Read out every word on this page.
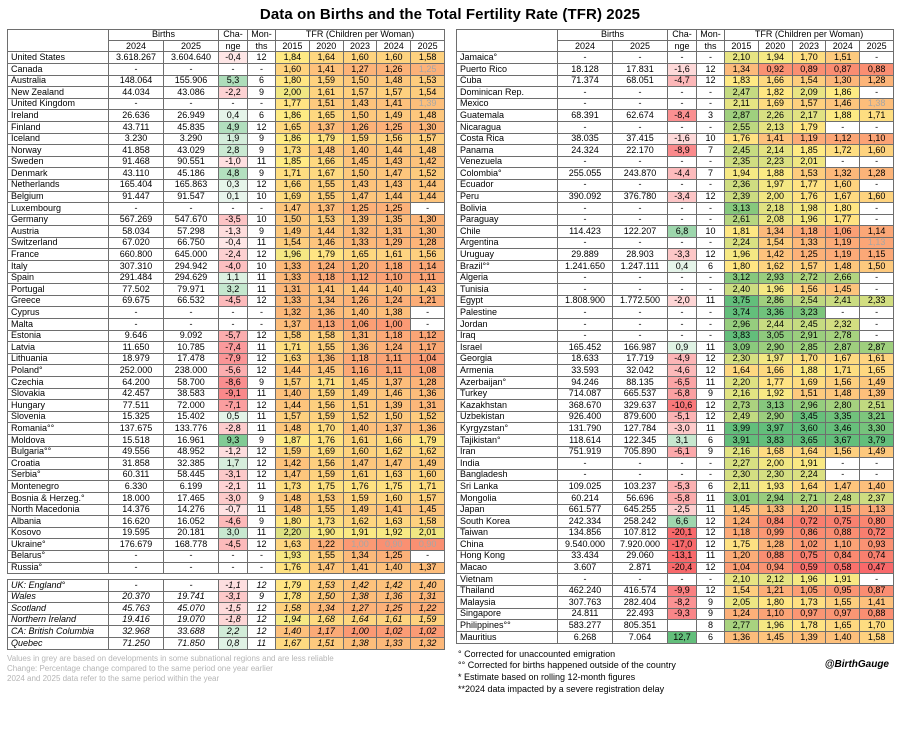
Data on Births and the Total Fertility Rate (TFR) 2025
	Births		Cha-	Mon-	TFR (Children per Woman)				
	2024	2025	nge	ths	2015	2020	2023	2024	2025
United States	3.618.267	3.604.640	-0,4	12	1,84	1,64	1,60	1,60	1,58
Canada	-	-	-	-	1,60	1,41	1,27	1,26	1,25
Australia	148.064	155.906	5,3	6	1,80	1,59	1,50	1,48	1,53
New Zealand	44.034	43.086	-2,2	9	2,00	1,61	1,57	1,57	1,54
United Kingdom	-	-	-	-	1,77	1,51	1,43	1,41	1,39
Ireland	26.636	26.949	0,4	6	1,86	1,65	1,50	1,49	1,48
Finland	43.711	45.835	4,9	12	1,65	1,37	1,26	1,25	1,30
Iceland	3.230	3.290	1,9	9	1,86	1,79	1,59	1,56	1,57
Norway	41.858	43.029	2,8	9	1,73	1,48	1,40	1,44	1,48
Sweden	91.468	90.551	-1,0	11	1,85	1,66	1,45	1,43	1,42
Denmark	43.110	45.186	4,8	9	1,71	1,67	1,50	1,47	1,52
Netherlands	165.404	165.863	0,3	12	1,66	1,55	1,43	1,43	1,44
Belgium	91.447	91.547	0,1	10	1,69	1,55	1,47	1,44	1,44
Luxembourg	-	-	-	-	1,47	1,37	1,25	1,25	-
Germany	567.269	547.670	-3,5	10	1,50	1,53	1,39	1,35	1,30
Austria	58.034	57.298	-1,3	9	1,49	1,44	1,32	1,31	1,30
Switzerland	67.020	66.750	-0,4	11	1,54	1,46	1,33	1,29	1,28
France	660.800	645.000	-2,4	12	1,96	1,79	1,65	1,61	1,56
Italy	307.310	294.942	-4,0	10	1,33	1,24	1,20	1,18	1,14
Spain	291.484	294.629	1,1	11	1,33	1,18	1,12	1,10	1,11
Portugal	77.502	79.971	3,2	11	1,31	1,41	1,44	1,40	1,43
Greece	69.675	66.532	-4,5	12	1,33	1,34	1,26	1,24	1,21
Cyprus	-	-	-	-	1,32	1,36	1,40	1,38	-
Malta	-	-	-	-	1,37	1,13	1,06	1,00	-
Estonia	9.646	9.092	-5,7	12	1,58	1,58	1,31	1,18	1,12
Latvia	11.650	10.785	-7,4	11	1,71	1,55	1,36	1,24	1,17
Lithuania	18.979	17.478	-7,9	12	1,63	1,36	1,18	1,11	1,04
Poland°	252.000	238.000	-5,6	12	1,44	1,45	1,16	1,11	1,08
Czechia	64.200	58.700	-8,6	9	1,57	1,71	1,45	1,37	1,28
Slovakia	42.457	38.583	-9,1	11	1,40	1,59	1,49	1,46	1,36
Hungary	77.511	72.000	-7,1	12	1,44	1,56	1,51	1,39	1,31
Slovenia	15.325	15.402	0,5	11	1,57	1,59	1,52	1,50	1,52
Romania°°	137.675	133.776	-2,8	11	1,48	1,70	1,40	1,37	1,36
Moldova	15.518	16.961	9,3	9	1,87	1,76	1,61	1,66	1,79
Bulgaria°°	49.556	48.952	-1,2	12	1,59	1,69	1,60	1,62	1,62
Croatia	31.858	32.385	1,7	12	1,42	1,56	1,47	1,47	1,49
Serbia°	60.311	58.445	-3,1	12	1,47	1,59	1,61	1,63	1,60
Montenegro	6.330	6.199	-2,1	11	1,73	1,75	1,76	1,75	1,71
Bosnia & Herzeg.°	18.000	17.465	-3,0	9	1,48	1,53	1,59	1,60	1,57
North Macedonia	14.376	14.276	-0,7	11	1,48	1,55	1,49	1,41	1,45
Albania	16.620	16.052	-4,6	9	1,80	1,73	1,62	1,63	1,58
Kosovo	19.595	20.181	3,0	11	2,20	1,90	1,91	1,92	2,01
Ukraine°	176.679	168.778	-4,5	12	1,63	1,22	1,00	0,90	0,90
Belarus°	-	-	-	-	1,93	1,55	1,34	1,25	-
Russia°	-	-	-	-	1,76	1,47	1,41	1,40	1,37
UK: England°	-	-	-1,1	12	1,79	1,53	1,42	1,42	1,40
Wales	20.370	19.741	-3,1	9	1,78	1,50	1,38	1,36	1,31
Scotland	45.763	45.070	-1,5	12	1,58	1,34	1,27	1,25	1,22
Northern Ireland	19.416	19.070	-1,8	12	1,94	1,68	1,64	1,61	1,59
CA: British Columbia	32.968	33.688	2,2	12	1,40	1,17	1,00	1,02	1,02
Quebec	71.250	71.850	0,8	11	1,67	1,51	1,38	1,33	1,32
Values in grey are based on developments in some subnational regions and are less reliable
Change: Percentage change compared to the same period one year earlier
2024 and 2025 data refer to the same period within the year
	Births		Cha-	Mon-	TFR (Children per Woman)				
	2024	2025	nge	ths	2015	2020	2023	2024	2025
Jamaica°	-	-	-	-	2,10	1,94	1,70	1,51	-
Puerto Rico	18.128	17.831	-1,6	12	1,34	0,92	0,89	0,87	0,88
Cuba	71.374	68.051	-4,7	12	1,83	1,66	1,54	1,30	1,28
Dominican Rep.	-	-	-	-	2,47	1,82	2,09	1,86	-
Mexico	-	-	-	-	2,11	1,69	1,57	1,46	1,38
Guatemala	68.391	62.674	-8,4	3	2,87	2,26	2,17	1,88	1,71
Nicaragua	-	-	-	-	2,55	2,13	1,79	-	-
Costa Rica	38.035	37.415	-1,6	10	1,76	1,41	1,19	1,12	1,10
Panama	24.324	22.170	-8,9	7	2,45	2,14	1,85	1,72	1,60
Venezuela	-	-	-	-	2,35	2,23	2,01	-	-
Colombia°	255.055	243.870	-4,4	7	1,94	1,88	1,53	1,32	1,28
Ecuador	-	-	-	-	2,36	1,97	1,77	1,60	-
Peru	390.092	376.780	-3,4	12	2,39	2,00	1,76	1,67	1,60
Bolivia	-	-	-	-	3,13	2,18	1,98	1,80	-
Paraguay	-	-	-	-	2,61	2,08	1,96	1,77	-
Chile	114.423	122.207	6,8	10	1,81	1,34	1,18	1,06	1,14
Argentina	-	-	-	-	2,24	1,54	1,33	1,19	1,13
Uruguay	29.889	28.903	-3,3	12	1,96	1,42	1,25	1,19	1,15
Brazil°°	1.241.650	1.247.111	0,4	6	1,80	1,62	1,57	1,48	1,50
Algeria	-	-	-	-	3,12	2,93	2,72	2,66	-
Tunisia	-	-	-	-	2,40	1,96	1,56	1,45	-
Egypt	1.808.900	1.772.500	-2,0	11	3,75	2,86	2,54	2,41	2,33
Palestine	-	-	-	-	3,74	3,36	3,23	-	-
Jordan	-	-	-	-	2,96	2,44	2,45	2,32	-
Iraq	-	-	-	-	3,83	3,05	2,91	2,78	-
Israel	165.452	166.987	0,9	11	3,09	2,90	2,85	2,87	2,87
Georgia	18.633	17.719	-4,9	12	2,30	1,97	1,70	1,67	1,61
Armenia	33.593	32.042	-4,6	12	1,64	1,66	1,88	1,71	1,65
Azerbaijan°	94.246	88.135	-6,5	11	2,20	1,77	1,69	1,56	1,49
Turkey	714.087	665.537	-6,8	9	2,16	1,92	1,51	1,48	1,39
Kazakhstan	368.670	329.637	-10,6	12	2,73	3,13	2,96	2,80	2,51
Uzbekistan	926.400	879.600	-5,1	12	2,49	2,90	3,45	3,35	3,21
Kyrgyzstan°	131.790	127.784	-3,0	11	3,99	3,97	3,60	3,46	3,30
Tajikistan°	118.614	122.345	3,1	6	3,91	3,83	3,65	3,67	3,79
Iran	751.919	705.890	-6,1	9	2,16	1,68	1,64	1,56	1,49
India	-	-	-	-	2,27	2,00	1,91	-	-
Bangladesh	-	-	-	-	2,30	2,30	2,24	-	-
Sri Lanka	109.025	103.237	-5,3	6	2,11	1,93	1,64	1,47	1,40
Mongolia	60.214	56.696	-5,8	11	3,01	2,94	2,71	2,48	2,37
Japan	661.577	645.255	-2,5	11	1,45	1,33	1,20	1,15	1,13
South Korea	242.334	258.242	6,6	12	1,24	0,84	0,72	0,75	0,80
Taiwan	134.856	107.812	-20,1	12	1,18	0,99	0,86	0,88	0,72
China	9.540.000	7.920.000	-17,0	12	1,75	1,28	1,02	1,10	0,93
Hong Kong	33.434	29.060	-13,1	11	1,20	0,88	0,75	0,84	0,74
Macao	3.607	2.871	-20,4	12	1,04	0,94	0,59	0,58	0,47
Vietnam	-	-	-	-	2,10	2,12	1,96	1,91	-
Thailand	462.240	416.574	-9,9	12	1,54	1,21	1,05	0,95	0,87
Malaysia	307.763	282.404	-8,2	9	2,05	1,80	1,73	1,55	1,41
Singapore	24.811	22.493	-9,3	9	1,24	1,10	0,97	0,97	0,88
Philippines°°	583.277	805.351		8	2,77	1,96	1,78	1,65	1,70
Mauritius	6.268	7.064	12,7	6	1,36	1,45	1,39	1,40	1,58
° Corrected for unaccounted emigration
°° Corrected for births happened outside of the country
* Estimate based on rolling 12-month figures
**2024 data impacted by a severe registration delay
@BirthGauge
